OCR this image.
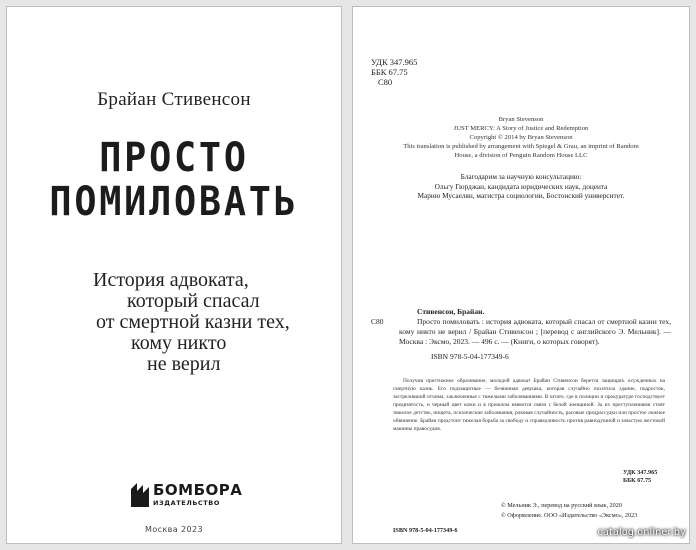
Брайан Стивенсон
ПРОСТО
ПОМИЛОВАТЬ
История адвоката,
который спасал
от смертной казни тех,
кому никто
не верил
БОМБОРА
ИЗДАТЕЛЬСТВО
Москва 2023
УДК 347.965
ББК 67.75
С80
Bryan Stevenson
JUST MERCY: A Story of Justice and Redemption
Copyright © 2014 by Bryan Stevenson
This translation is published by arrangement with Spiegel & Grau, an imprint of Random
House, a division of Penguin Random House LLC
Благодарим за научную консультацию:
Ольгу Гюрджан, кандидата юридических наук, доцента
Марию Мусаелян, магистра социологии, Бостонский университет.
Стивенсон, Брайан.
С80	Просто помиловать : история адвоката, который спасал от смертной казни тех, кому никто не верил / Брайан Стивенсон ; [перевод с английского Э. Мельник]. — Москва : Эксмо, 2023. — 496 с. — (Книги, о которых говорят).
ISBN 978-5-04-177349-6
Получив престижное образование, молодой адвокат Брайан Стивенсон берется защищать осужденных на смертную казнь. Его подзащитные — безвинная девушка, которая случайно похитила здание, подросток, застреливший отчима, заключенные с тяжелыми заболеваниями. В штате, где в полиции и прокуратуре господствует предвзятость, и черный цвет кожи и в прошлом имеются связи с белой женщиной. За их преступлениями стоят тяжелое детство, нищета, психические заболевания, роковая случайность, расовые предрассудки или простое ложное обвинение. Брайан предстоит тяжелая борьба за свободу и справедливость против равнодушной и зачастую жестокой машины правосудия.
УДК 347.965
ББК 67.75
© Мельник Э., перевод на русский язык, 2020
© Оформление. ООО «Издательство «Эксмо», 2023
ISBN 978-5-04-177349-6	catalog.onliner.by
